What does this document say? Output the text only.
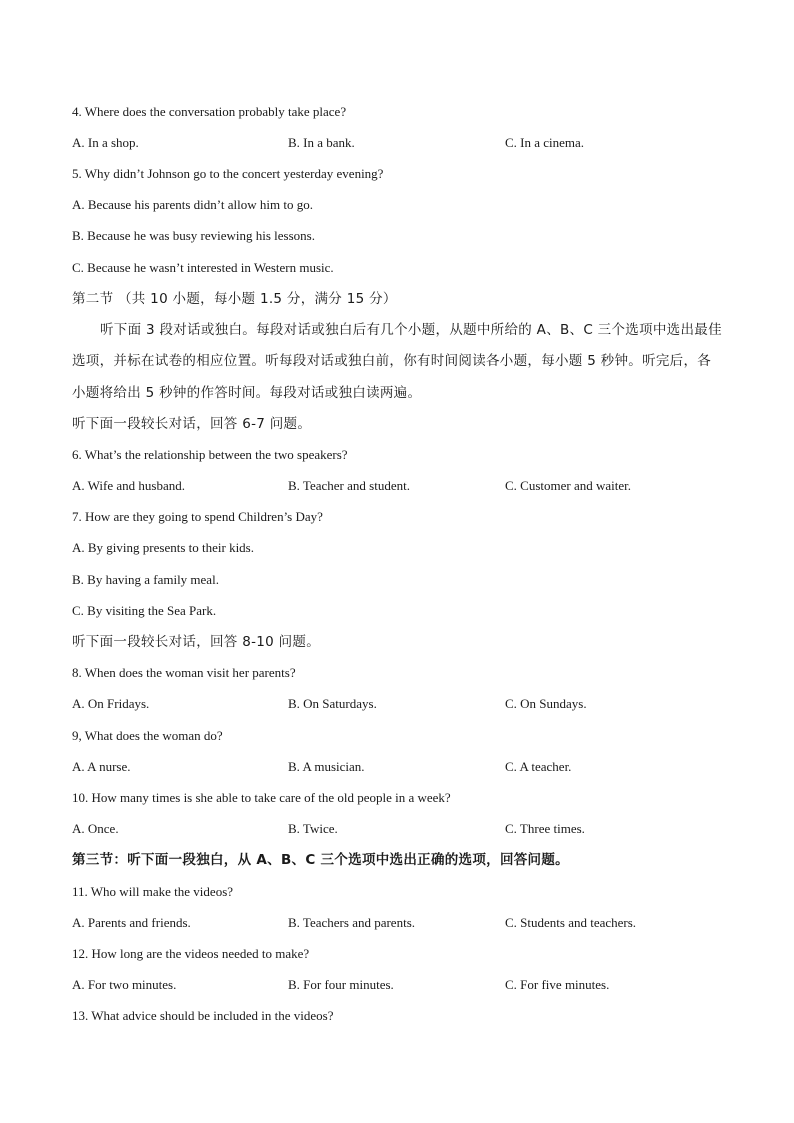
4. Where does the conversation probably take place?
A. In a shop.	B. In a bank.	C. In a cinema.
5. Why didn’t Johnson go to the concert yesterday evening?
A. Because his parents didn’t allow him to go.
B. Because he was busy reviewing his lessons.
C. Because he wasn’t interested in Western music.
第二节 （共 10 小题，每小题 1.5 分，满分 15 分）
听下面 3 段对话或独白。每段对话或独白后有几个小题，从题中所给的 A、B、C 三个选项中选出最佳
选项，并标在试卷的相应位置。听每段对话或独白前，你有时间阅读各小题，每小题 5 秒钟。听完后，各
小题将给出 5 秒钟的作答时间。每段对话或独白读两遍。
听下面一段较长对话，回答 6-7 问题。
6. What’s the relationship between the two speakers?
A. Wife and husband.	B. Teacher and student.	C. Customer and waiter.
7. How are they going to spend Children’s Day?
A. By giving presents to their kids.
B. By having a family meal.
C. By visiting the Sea Park.
听下面一段较长对话，回答 8-10 问题。
8. When does the woman visit her parents?
A. On Fridays.	B. On Saturdays.	C. On Sundays.
9, What does the woman do?
A. A nurse.	B. A musician.	C. A teacher.
10. How many times is she able to take care of the old people in a week?
A. Once.	B. Twice.	C. Three times.
第三节：听下面一段独白，从 A、B、C 三个选项中选出正确的选项，回答问题。
11. Who will make the videos?
A. Parents and friends.	B. Teachers and parents.	C. Students and teachers.
12. How long are the videos needed to make?
A. For two minutes.	B. For four minutes.	C. For five minutes.
13. What advice should be included in the videos?
